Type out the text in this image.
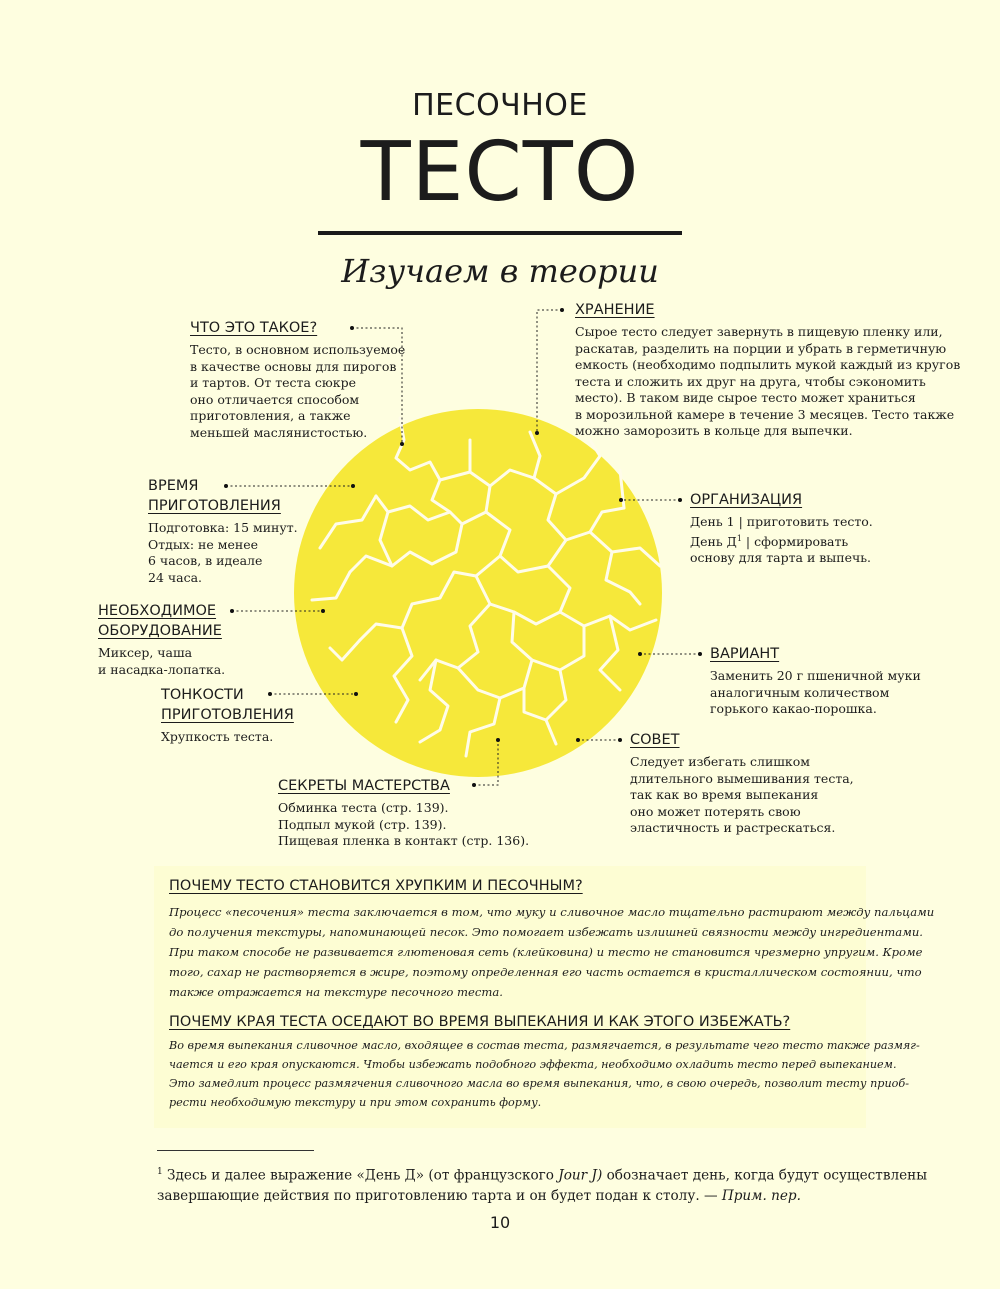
ПЕСОЧНОЕ
ТЕСТО
Изучаем в теории
ЧТО ЭТО ТАКОЕ?
Тесто, в основном используемое
в качестве основы для пирогов
и тартов. От теста сюкре
оно отличается способом
приготовления, а также
меньшей маслянистостью.
ХРАНЕНИЕ
Сырое тесто следует завернуть в пищевую пленку или,
раскатав, разделить на порции и убрать в герметичную
емкость (необходимо подпылить мукой каждый из кругов
теста и сложить их друг на друга, чтобы сэкономить
место). В таком виде сырое тесто может храниться
в морозильной камере в течение 3 месяцев. Тесто также
можно заморозить в кольце для выпечки.
ВРЕМЯ
ПРИГОТОВЛЕНИЯ
Подготовка: 15 минут.
Отдых: не менее
6 часов, в идеале
24 часа.
ОРГАНИЗАЦИЯ
День 1 | приготовить тесто.
День $Д^1$ | сформировать
основу для тарта и выпечь.
НЕОБХОДИМОЕ
ОБОРУДОВАНИЕ
Миксер, чаша
и насадка-лопатка.
ВАРИАНТ
Заменить 20 г пшеничной муки
аналогичным количеством
горького какао-порошка.
ТОНКОСТИ
ПРИГОТОВЛЕНИЯ
Хрупкость теста.	СОВЕТ
Следует избегать слишком
длительного вымешивания теста,
так как во время выпекания
оно может потерять свою
эластичность и растрескаться.
СЕКРЕТЫ МАСТЕРСТВА
Обминка теста (стр. 139).
Подпыл мукой (стр. 139).
Пищевая пленка в контакт (стр. 136).
ПОЧЕМУ ТЕСТО СТАНОВИТСЯ ХРУПКИМ И ПЕСОЧНЫМ?
Процесс «песочения» теста заключается в том, что муку и сливочное масло тщательно растирают между пальцами
до получения текстуры, напоминающей песок. Это помогает избежать излишней связности между ингредиентами.
При таком способе не развивается глютеновая сеть (клейковина) и тесто не становится чрезмерно упругим. Кроме
того, сахар не растворяется в жире, поэтому определенная его часть остается в кристаллическом состоянии, что
также отражается на текстуре песочного теста.
ПОЧЕМУ КРАЯ ТЕСТА ОСЕДАЮТ ВО ВРЕМЯ ВЫПЕКАНИЯ И КАК ЭТОГО ИЗБЕЖАТЬ?
Во время выпекания сливочное масло, входящее в состав теста, размягчается, в результате чего тесто также размяг-
чается и его края опускаются. Чтобы избежать подобного эффекта, необходимо охладить тесто перед выпеканием.
Это замедлит процесс размягчения сливочного масла во время выпекания, что, в свою очередь, позволит тесту приоб-
рести необходимую текстуру и при этом сохранить форму.
$^1$ Здесь и далее выражение «День Д» (от французского Jour J) обозначает день, когда будут осуществлены
завершающие действия по приготовлению тарта и он будет подан к столу. — Прим. пер.
10
